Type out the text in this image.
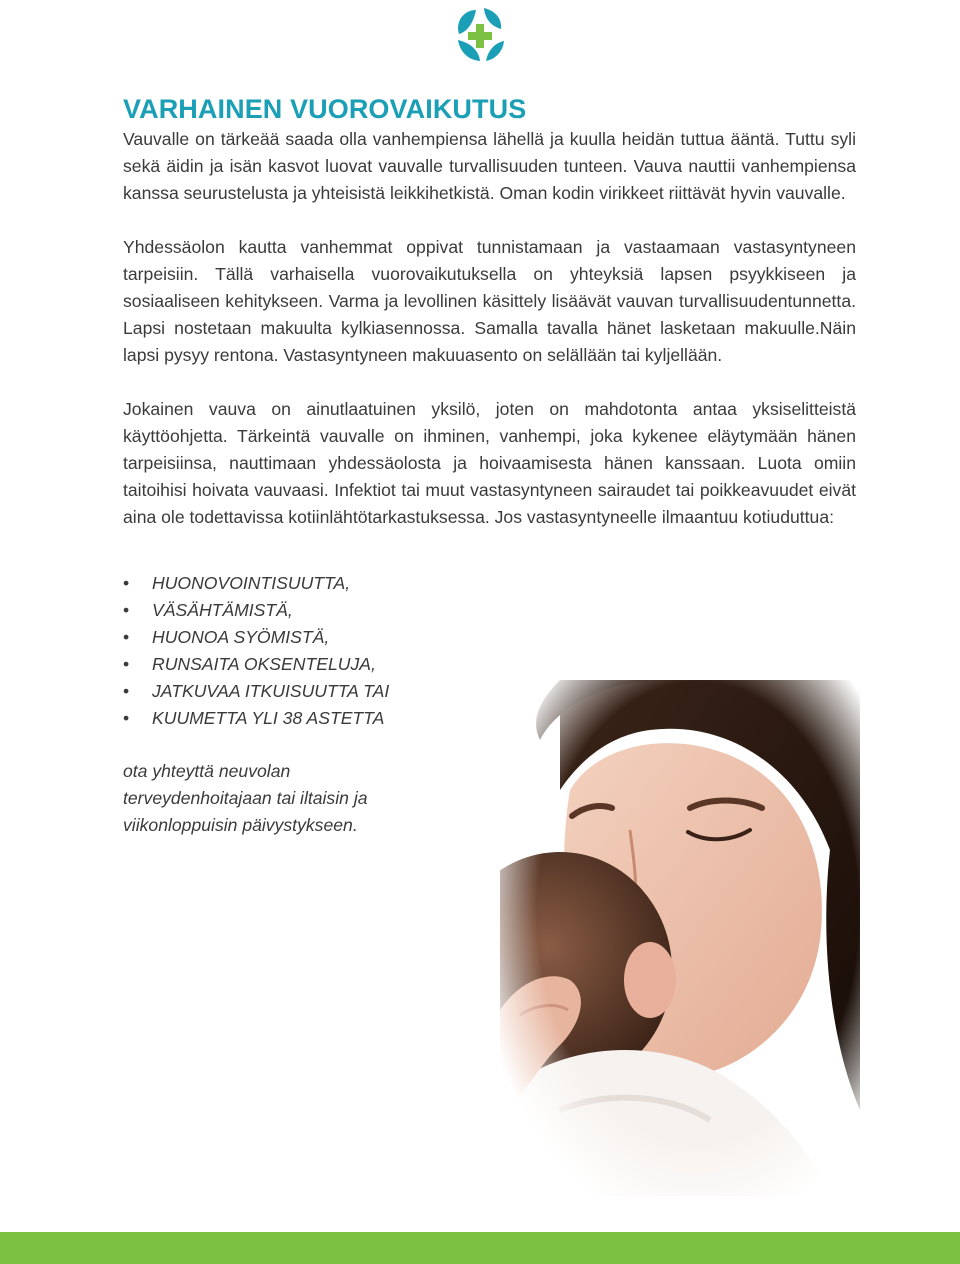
VARHAINEN VUOROVAIKUTUS

Vauvalle on tärkeää saada olla vanhempiensa lähellä ja kuulla heidän tuttua ääntä. Tuttu syli sekä äidin ja isän kasvot luovat vauvalle turvallisuuden tunteen. Vauva nauttii vanhempiensa kanssa seurustelusta ja yhteisistä leikkihetkistä. Oman kodin virikkeet riittävät hyvin vauvalle.

Yhdessäolon kautta vanhemmat oppivat tunnistamaan ja vastaamaan vastasyntyneen tarpeisiin. Tällä varhaisella vuorovaikutuksella on yhteyksiä lapsen psyykkiseen ja sosiaaliseen kehitykseen. Varma ja levollinen käsittely lisäävät vauvan turvallisuudentunnetta. Lapsi nostetaan makuulta kylkiasennossa. Samalla tavalla hänet lasketaan makuulle.Näin lapsi pysyy rentona. Vastasyntyneen makuuasento on selällään tai kyljellään.

Jokainen vauva on ainutlaatuinen yksilö, joten on mahdotonta antaa yksiselitteistä käyttöohjetta. Tärkeintä vauvalle on ihminen, vanhempi, joka kykenee eläytymään hänen tarpeisiinsa, nauttimaan yhdessäolosta ja hoivaamisesta hänen kanssaan. Luota omiin taitoihisi hoivata vauvaasi. Infektiot tai muut vastasyntyneen sairaudet tai poikkeavuudet eivät aina ole todettavissa kotiinlähtötarkastuksessa. Jos vastasyntyneelle ilmaantuu kotiuduttua:

• HUONOVOINTISUUTTA,
• VÄSÄHTÄMISTÄ,
• HUONOA SYÖMISTÄ,
• RUNSAITA OKSENTELUJA,
• JATKUVAA ITKUISUUTTA TAI
• KUUMETTA YLI 38 ASTETTA

ota yhteyttä neuvolan terveydenhoitajaan tai iltaisin ja viikonloppuisin päivystykseen.
